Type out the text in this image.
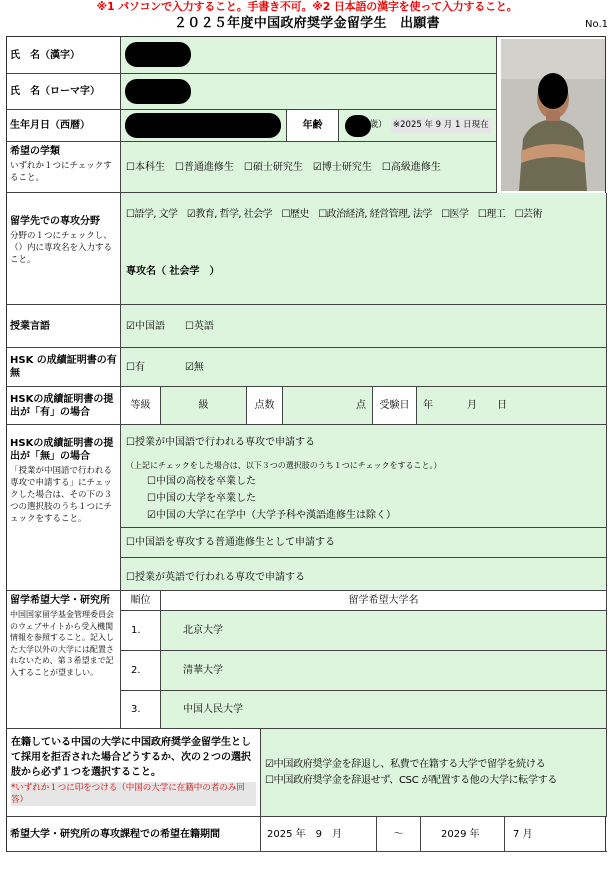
※1 パソコンで入力すること。手書き不可。※2 日本語の漢字を使って入力すること。
２０２５年度中国政府奨学金留学生　出願書	No.1
氏　名（漢字）
氏　名（ローマ字）
生年月日（西暦）	年齢	歳） ※2025 年 9 月 1 日現在
希望の学類
いずれか１つにチェックすること。
☐本科生　☐普通進修生　☐碩士研究生　☑博士研究生　☐高級進修生
留学先での専攻分野
分野の１つにチェックし、（）内に専攻名を入力すること。
☐語学, 文学　☑教育, 哲学, 社会学　☐歴史　☐政治経済, 経営管理, 法学　☐医学　☐理工　☐芸術
専攻名（ 社会学　）
授業言語	☑中国語　　☐英語
HSK の成績証明書の有無
☐有　　　　☑無
HSKの成績証明書の提出が「有」の場合
等級	級	点数	点 受験日 年	月 日
HSKの成績証明書の提出が「無」の場合
「授業が中国語で行われる専攻で申請する」にチェックした場合は、その下の３つの選択肢のうち１つにチェックをすること。
☐授業が中国語で行われる専攻で申請する
（上記にチェックをした場合は、以下３つの選択肢のうち１つにチェックをすること。）
☐中国の高校を卒業した
☐中国の大学を卒業した
☑中国の大学に在学中（大学予科や漢語進修生は除く）
☐中国語を専攻する普通進修生として申請する
☐授業が英語で行われる専攻で申請する
留学希望大学・研究所
中国国家留学基金管理委員会のウェブサイトから受入機関情報を参照すること。記入した大学以外の大学には配置されないため、第３希望まで記入することが望ましい。
順位	留学希望大学名
1.	北京大学
2.	清華大学
3.	中国人民大学
在籍している中国の大学に中国政府奨学金留学生として採用を拒否された場合どうするか、次の２つの選択肢から必ず１つを選択すること。
*いずれか１つに印をつける（中国の大学に在籍中の者のみ回答）
☑中国政府奨学金を辞退し、私費で在籍する大学で留学を続ける
☐中国政府奨学金を辞退せず、CSC が配置する他の大学に転学する
希望大学・研究所の専攻課程での希望在籍期間	2025 年　9　月	〜	2029 年	7 月
